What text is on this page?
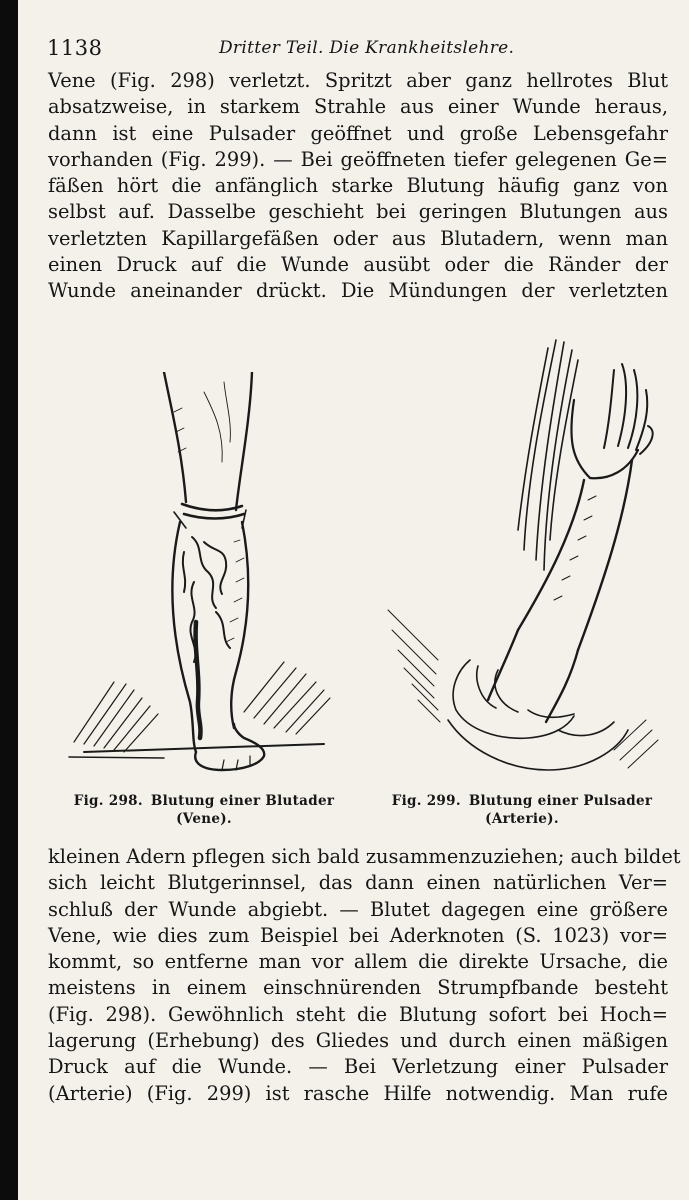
1138	Dritter Teil. Die Krankheitslehre.

Vene (Fig. 298) verletzt. Spritzt aber ganz hellrotes Blut
absatzweise, in starkem Strahle aus einer Wunde heraus,
dann ist eine Pulsader geöffnet und große Lebensgefahr
vorhanden (Fig. 299). — Bei geöffneten tiefer gelegenen Ge=
fäßen hört die anfänglich starke Blutung häufig ganz von
selbst auf. Dasselbe geschieht bei geringen Blutungen aus
verletzten Kapillargefäßen oder aus Blutadern, wenn man
einen Druck auf die Wunde ausübt oder die Ränder der
Wunde aneinander drückt. Die Mündungen der verletzten

Fig. 298. Blutung einer Blutader
(Vene).
Fig. 299. Blutung einer Pulsader
(Arterie).

kleinen Adern pflegen sich bald zusammenzuziehen; auch bildet
sich leicht Blutgerinnsel, das dann einen natürlichen Ver=
schluß der Wunde abgiebt. — Blutet dagegen eine größere
Vene, wie dies zum Beispiel bei Aderknoten (S. 1023) vor=
kommt, so entferne man vor allem die direkte Ursache, die
meistens in einem einschnürenden Strumpfbande besteht
(Fig. 298). Gewöhnlich steht die Blutung sofort bei Hoch=
lagerung (Erhebung) des Gliedes und durch einen mäßigen
Druck auf die Wunde. — Bei Verletzung einer Pulsader
(Arterie) (Fig. 299) ist rasche Hilfe notwendig. Man rufe
